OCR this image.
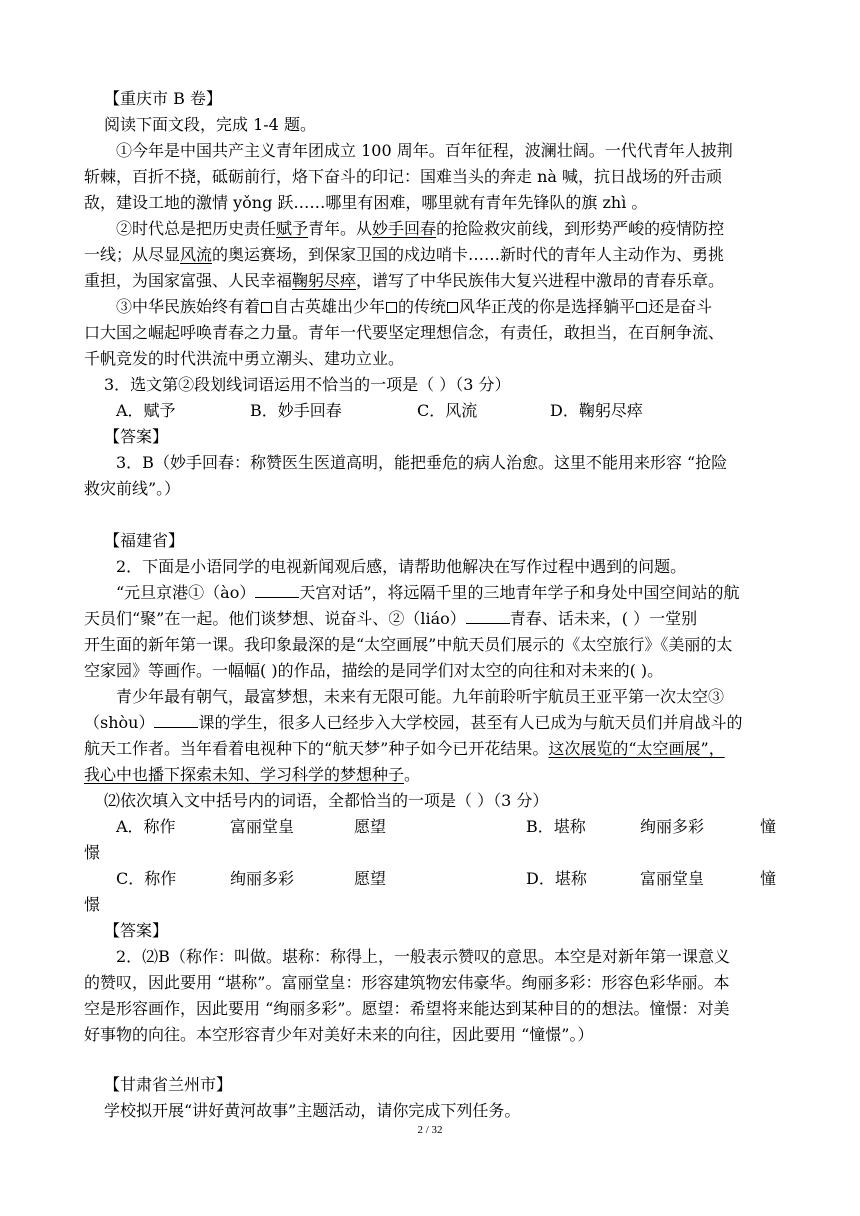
【重庆市 B 卷】
阅读下面文段，完成 1-4 题。
①今年是中国共产主义青年团成立 100 周年。百年征程，波澜壮阔。一代代青年人披荆
斩棘，百折不挠，砥砺前行，烙下奋斗的印记：国难当头的奔走 nà 喊，抗日战场的歼击顽
敌，建设工地的激情 yǒng 跃……哪里有困难，哪里就有青年先锋队的旗 zhì 。
②时代总是把历史责任赋予青年。从妙手回春的抢险救灾前线，到形势严峻的疫情防控
一线；从尽显风流的奥运赛场，到保家卫国的戍边哨卡……新时代的青年人主动作为、勇挑
重担，为国家富强、人民幸福鞠躬尽瘁，谱写了中华民族伟大复兴进程中激昂的青春乐章。
③中华民族始终有着 自古英雄出少年 的传统 风华正茂的你是选择躺平 还是奋斗
口大国之崛起呼唤青春之力量。青年一代要坚定理想信念，有责任，敢担当，在百舸争流、
千帆竞发的时代洪流中勇立潮头、建功立业。
3．选文第②段划线词语运用不恰当的一项是（ ）（3 分）
A．赋予	B．妙手回春	C．风流	D．鞠躬尽瘁
【答案】
3．B（妙手回春：称赞医生医道高明，能把垂危的病人治愈。这里不能用来形容 “抢险
救灾前线”。）
【福建省】
2．下面是小语同学的电视新闻观后感，请帮助他解决在写作过程中遇到的问题。
“元旦京港①（ào）	天宫对话”，将远隔千里的三地青年学子和身处中国空间站的航
天员们“聚”在一起。他们谈梦想、说奋斗、②（liáo）	青春、话未来，( ）一堂别
开生面的新年第一课。我印象最深的是“太空画展”中航天员们展示的《太空旅行》《美丽的太
空家园》等画作。一幅幅( )的作品，描绘的是同学们对太空的向往和对未来的( )。
青少年最有朝气，最富梦想，未来有无限可能。九年前聆听宇航员王亚平第一次太空③
（shòu）	课的学生，很多人已经步入大学校园，甚至有人已成为与航天员们并肩战斗的
航天工作者。当年看着电视种下的“航天梦”种子如今已开花结果。这次展览的“太空画展”，
我心中也播下探索未知、学习科学的梦想种子。
⑵依次填入文中括号内的词语，全都恰当的一项是（ ）（3 分）
A．称作	富丽堂皇	愿望	B．堪称	绚丽多彩	憧
憬
C．称作	绚丽多彩	愿望	D．堪称	富丽堂皇	憧
憬
【答案】
2．⑵B（称作：叫做。堪称：称得上，一般表示赞叹的意思。本空是对新年第一课意义
的赞叹，因此要用 “堪称”。富丽堂皇：形容建筑物宏伟豪华。绚丽多彩：形容色彩华丽。本
空是形容画作，因此要用 “绚丽多彩”。愿望：希望将来能达到某种目的的想法。憧憬：对美
好事物的向往。本空形容青少年对美好未来的向往，因此要用 “憧憬”。）
【甘肃省兰州市】
学校拟开展“讲好黄河故事”主题活动，请你完成下列任务。
2 / 32
